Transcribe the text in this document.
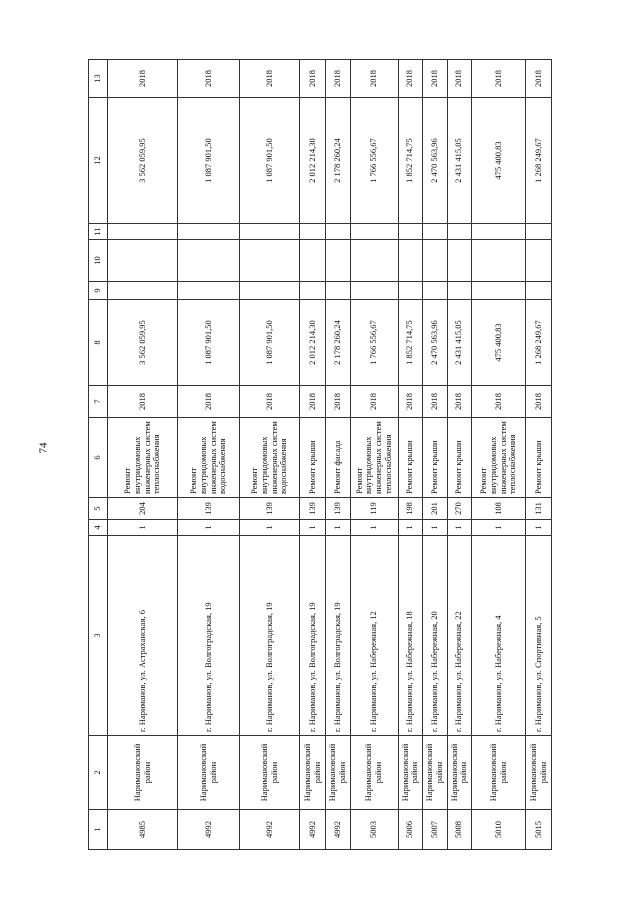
74
1	2	3	4	5	6	7	8	9	10	11	12	13
4985	Наримановский район	г. Нариманов, ул. Астраханская, 6	1	204	Ремонт внутридомовых инженерных систем теплоснабжения	2018	3 562 059,95				3 562 059,95	2018
4992	Наримановский район	г. Нариманов, ул. Волгоградская, 19	1	139	Ремонт внутридомовых инженерных систем водоснабжения	2018	1 087 901,50				1 087 901,50	2018
4992	Наримановский район	г. Нариманов, ул. Волгоградская, 19	1	139	Ремонт внутридомовых инженерных систем водоснабжения	2018	1 087 901,50				1 087 901,50	2018
4992	Наримановский район	г. Нариманов, ул. Волгоградская, 19	1	139	Ремонт крыши	2018	2 012 214,30				2 012 214,30	2018
4992	Наримановский район	г. Нариманов, ул. Волгоградская, 19	1	139	Ремонт фасада	2018	2 178 260,24				2 178 260,24	2018
5003	Наримановский район	г. Нариманов, ул. Набережная, 12	1	119	Ремонт внутридомовых инженерных систем теплоснабжения	2018	1 766 556,67				1 766 556,67	2018
5006	Наримановский район	г. Нариманов, ул. Набережная, 18	1	198	Ремонт крыши	2018	1 852 714,75				1 852 714,75	2018
5007	Наримановский район	г. Нариманов, ул. Набережная, 20	1	201	Ремонт крыши	2018	2 470 563,96				2 470 563,96	2018
5008	Наримановский район	г. Нариманов, ул. Набережная, 22	1	270	Ремонт крыши	2018	2 431 415,05				2 431 415,05	2018
5010	Наримановский район	г. Нариманов, ул. Набережная, 4	1	108	Ремонт внутридомовых инженерных систем теплоснабжения	2018	475 400,83				475 400,83	2018
5015	Наримановский район	г. Нариманов, ул. Спортивная, 5	1	131	Ремонт крыши	2018	1 268 249,67				1 268 249,67	2018
